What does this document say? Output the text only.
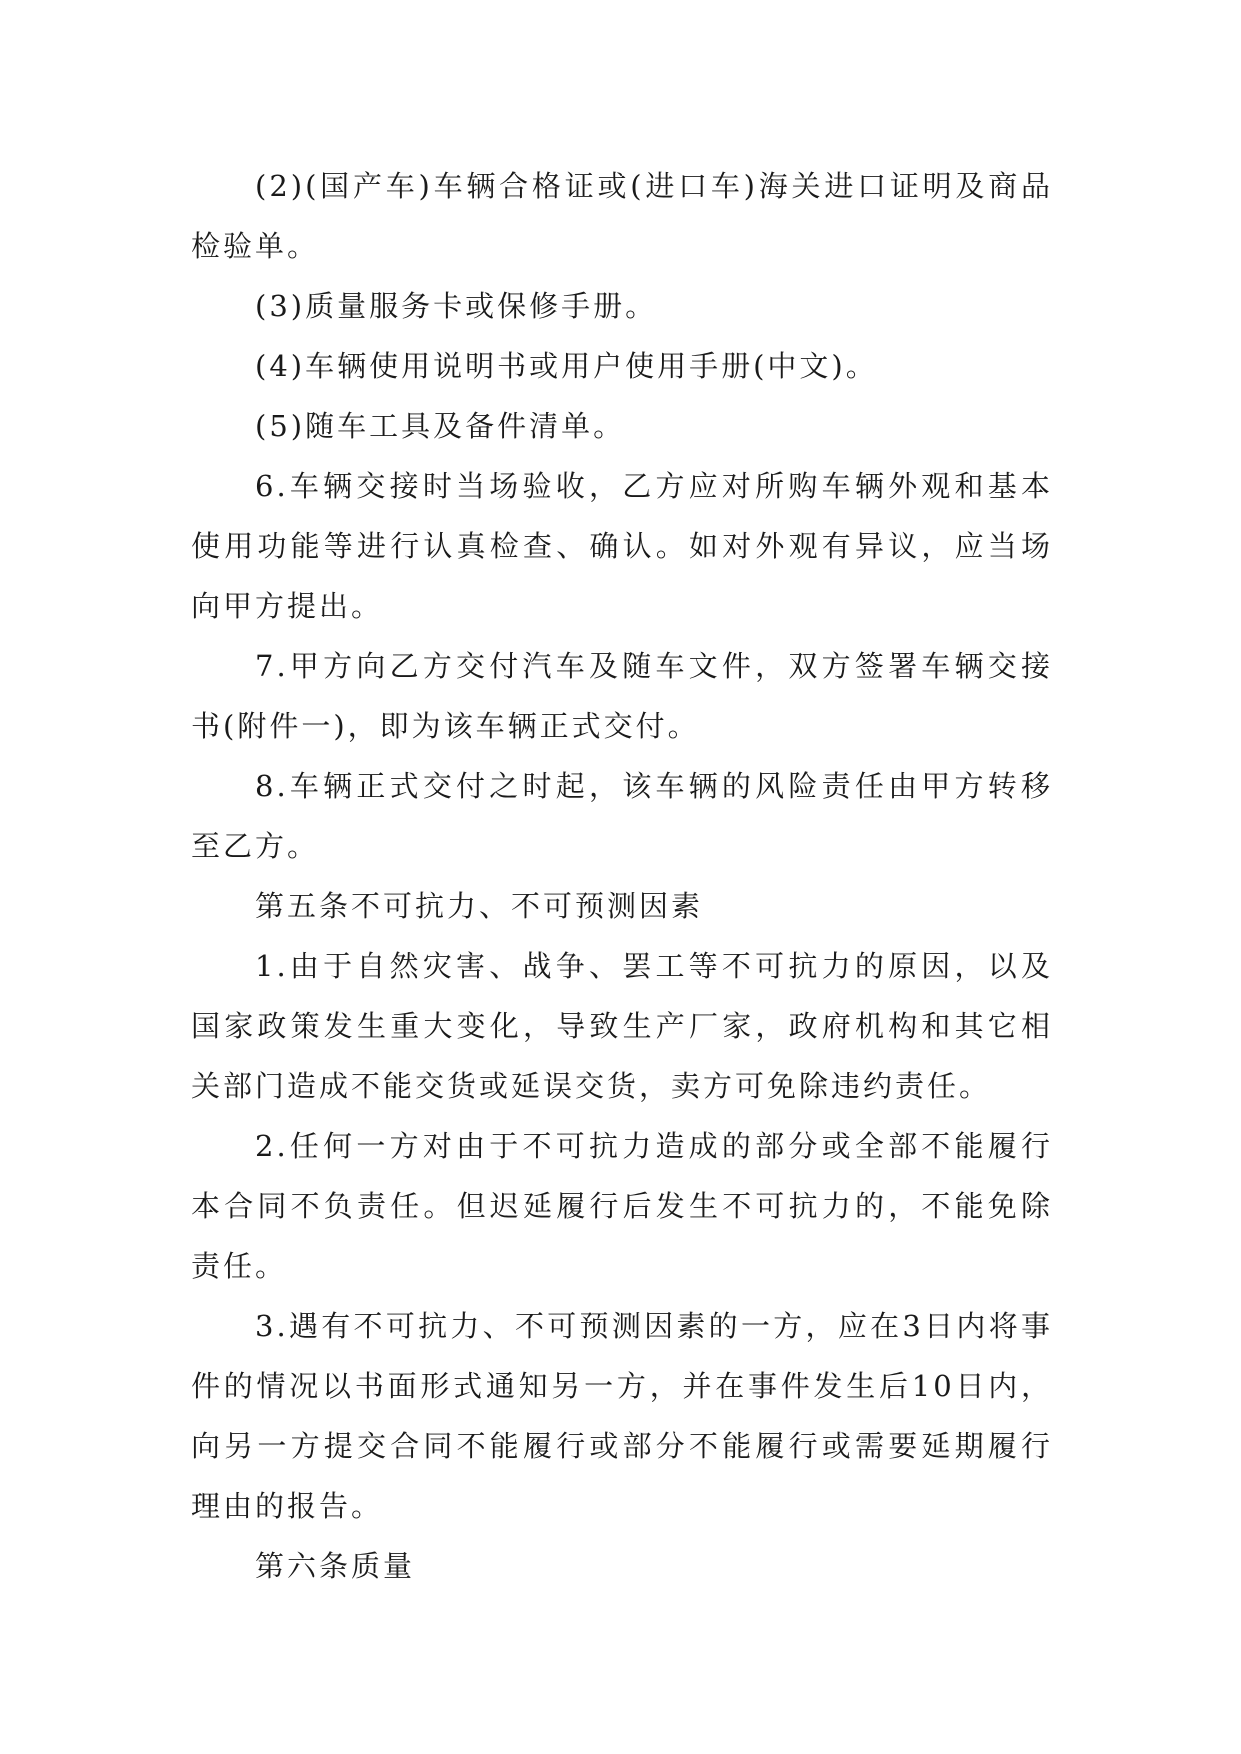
(2)(国产车)车辆合格证或(进口车)海关进口证明及商品检验单。

(3)质量服务卡或保修手册。

(4)车辆使用说明书或用户使用手册(中文)。

(5)随车工具及备件清单。

6.车辆交接时当场验收，乙方应对所购车辆外观和基本使用功能等进行认真检查、确认。如对外观有异议，应当场向甲方提出。

7.甲方向乙方交付汽车及随车文件，双方签署车辆交接书(附件一)，即为该车辆正式交付。

8.车辆正式交付之时起，该车辆的风险责任由甲方转移至乙方。

第五条不可抗力、不可预测因素

1.由于自然灾害、战争、罢工等不可抗力的原因，以及国家政策发生重大变化，导致生产厂家，政府机构和其它相关部门造成不能交货或延误交货，卖方可免除违约责任。

2.任何一方对由于不可抗力造成的部分或全部不能履行本合同不负责任。但迟延履行后发生不可抗力的，不能免除责任。

3.遇有不可抗力、不可预测因素的一方，应在3日内将事件的情况以书面形式通知另一方，并在事件发生后10日内，向另一方提交合同不能履行或部分不能履行或需要延期履行理由的报告。

第六条质量
